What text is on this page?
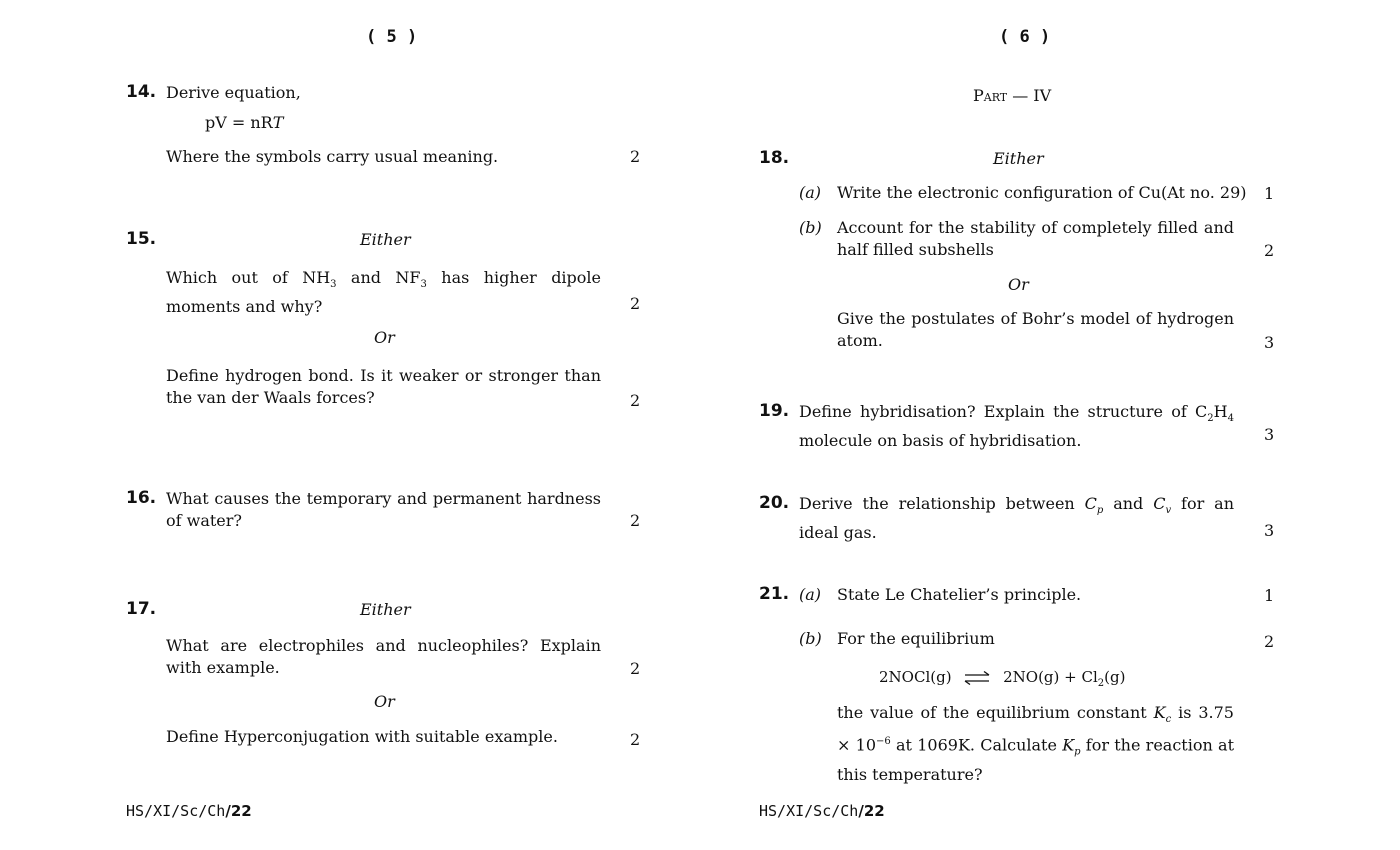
( 5 )
14. Derive equation,
pV = nRT
Where the symbols carry usual meaning.	2
15.	Either
Which out of $NH_3$ and $NF_3$ has higher dipole moments and why?	2
Or
Define hydrogen bond. Is it weaker or stronger than the van der Waals forces?	2
16. What causes the temporary and permanent hardness of water?	2
17.	Either
What are electrophiles and nucleophiles? Explain with example.	2
Or
Define Hyperconjugation with suitable example.	2
HS/XI/Sc/Ch/22
( 6 )
Part — IV
18.	Either
(a) Write the electronic configuration of Cu(At no. 29) 1
(b) Account for the stability of completely filled and half filled subshells	2
Or
Give the postulates of Bohr’s model of hydrogen atom.	3
19. Define hybridisation? Explain the structure of $C_2H_4$ molecule on basis of hybridisation.	3
20. Derive the relationship between $C_p$ and $C_v$ for an ideal gas.	3
21. (a) State Le Chatelier’s principle.	1
(b) For the equilibrium	2
2NOCl(g) ⇌ $2NO(g) + Cl_2(g)$
the value of the equilibrium constant $K_c$ is $3.75 \times 10^{-6}$ at 1069K. Calculate $K_p$ for the reaction at this temperature?
HS/XI/Sc/Ch/22
